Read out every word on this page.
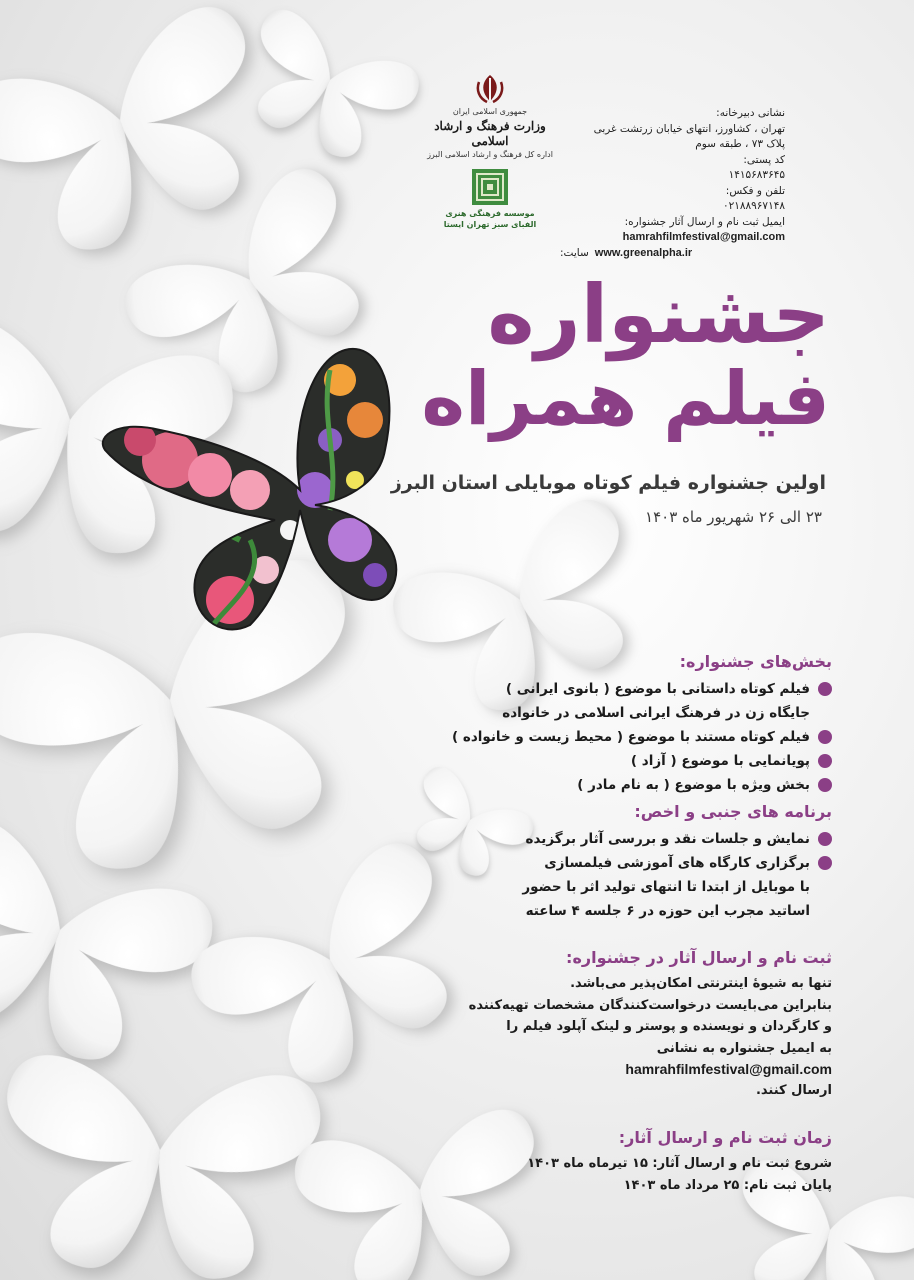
جمهوری اسلامی ایران
وزارت فرهنگ و ارشاد اسلامی
اداره کل فرهنگ و ارشاد اسلامی البرز
موسسه فرهنگی هنری
الفبای سبز تهران ایستا
نشانی دبیرخانه:
تهران ، کشاورز، انتهای خیابان زرتشت غربی
پلاک ۷۳ ، طبقه سوم
کد پستی:
۱۴۱۵۶۸۳۶۴۵
تلفن و فکس:
۰۲۱۸۸۹۶۷۱۴۸
ایمیل ثبت نام و ارسال آثار جشنواره:
hamrahfilmfestival@gmail.com
سایت: www.greenalpha.ir
جشنواره
فیلم همراه
اولین جشنواره فیلم کوتاه موبایلی استان البرز
۲۳ الی ۲۶ شهریور ماه ۱۴۰۳
بخش‌های جشنواره:
فیلم کوتاه داستانی با موضوع ( بانوی ایرانی )
جایگاه زن در فرهنگ ایرانی اسلامی در خانواده
فیلم کوتاه مستند با موضوع ( محیط زیست و خانواده )
پویانمایی با موضوع ( آزاد )
بخش ویژه با موضوع ( به نام مادر )
برنامه های جنبی و اخص:
نمایش و جلسات نقد و بررسی آثار برگزیده
برگزاری کارگاه های آموزشی فیلمسازی
با موبایل از ابتدا تا انتهای تولید اثر با حضور
اساتید مجرب این حوزه در ۶ جلسه ۴ ساعته
ثبت نام و ارسال آثار در جشنواره:
تنها به شیوهٔ اینترنتی امکان‌پذیر می‌باشد.
بنابراین می‌بایست درخواست‌کنندگان مشخصات تهیه‌کننده
و کارگردان و نویسنده و پوستر و لینک آپلود فیلم را
به ایمیل جشنواره به نشانی
hamrahfilmfestival@gmail.com
ارسال کنند.
زمان ثبت نام و ارسال آثار:
شروع ثبت نام و ارسال آثار: ۱۵ تیرماه ماه ۱۴۰۳
پایان ثبت نام: ۲۵ مرداد ماه ۱۴۰۳
